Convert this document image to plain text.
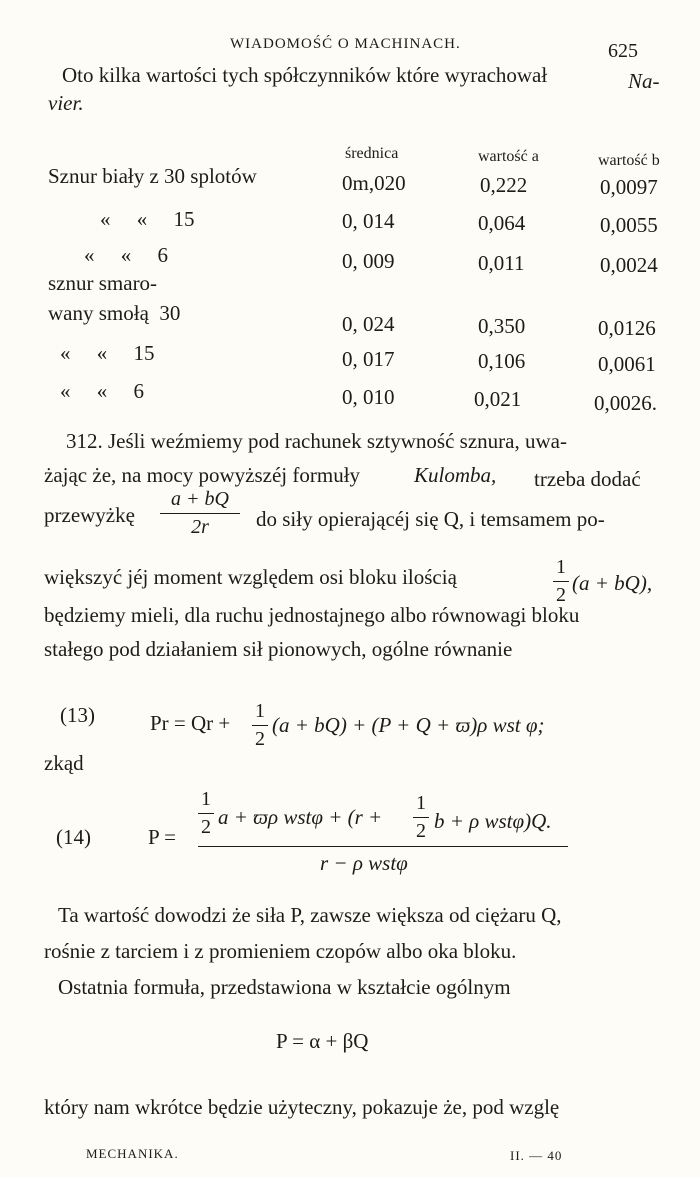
WIADOMOŚĆ O MACHINACH.	625
Oto kilka wartości tych spółczynników które wyrachował	Na-
vier.
średnica	wartość a	wartość b
Sznur biały z 30 splotów	0m,020	0,222	0,0097
«     «     15	0, 014	0,064	0,0055
«     «     6	0, 009	0,011	0,0024
sznur smaro-
wany smołą  30	0, 024	0,350	0,0126
«     «     15	0, 017	0,106	0,0061
«     «     6	0, 010	0,021	0,0026.
312. Jeśli weźmiemy pod rachunek sztywność sznura, uwa-
żając że, na mocy powyższéj formuły	Kulomba, trzeba dodać
przewyżkę
a + bQ
2r	do siły opierającéj się Q, i temsamem po-
większyć jéj moment względem osi bloku ilością	1
2 (a + bQ),
będziemy mieli, dla ruchu jednostajnego albo równowagi bloku
stałego pod działaniem sił pionowych, ogólne równanie
(13)	Pr = Qr + 1
2
(a + bQ) + (P + Q + ϖ)ρ wst φ;
zkąd
(14)	P =
1
2 a + ϖρ wstφ + (r +
1
2 b + ρ wstφ)Q.
r − ρ wstφ
Ta wartość dowodzi że siła P, zawsze większa od ciężaru Q,
rośnie z tarciem i z promieniem czopów albo oka bloku.
Ostatnia formuła, przedstawiona w kształcie ogólnym
P = α + βQ
który nam wkrótce będzie użyteczny, pokazuje że, pod wzglę
MECHANIKA.	II. — 40
